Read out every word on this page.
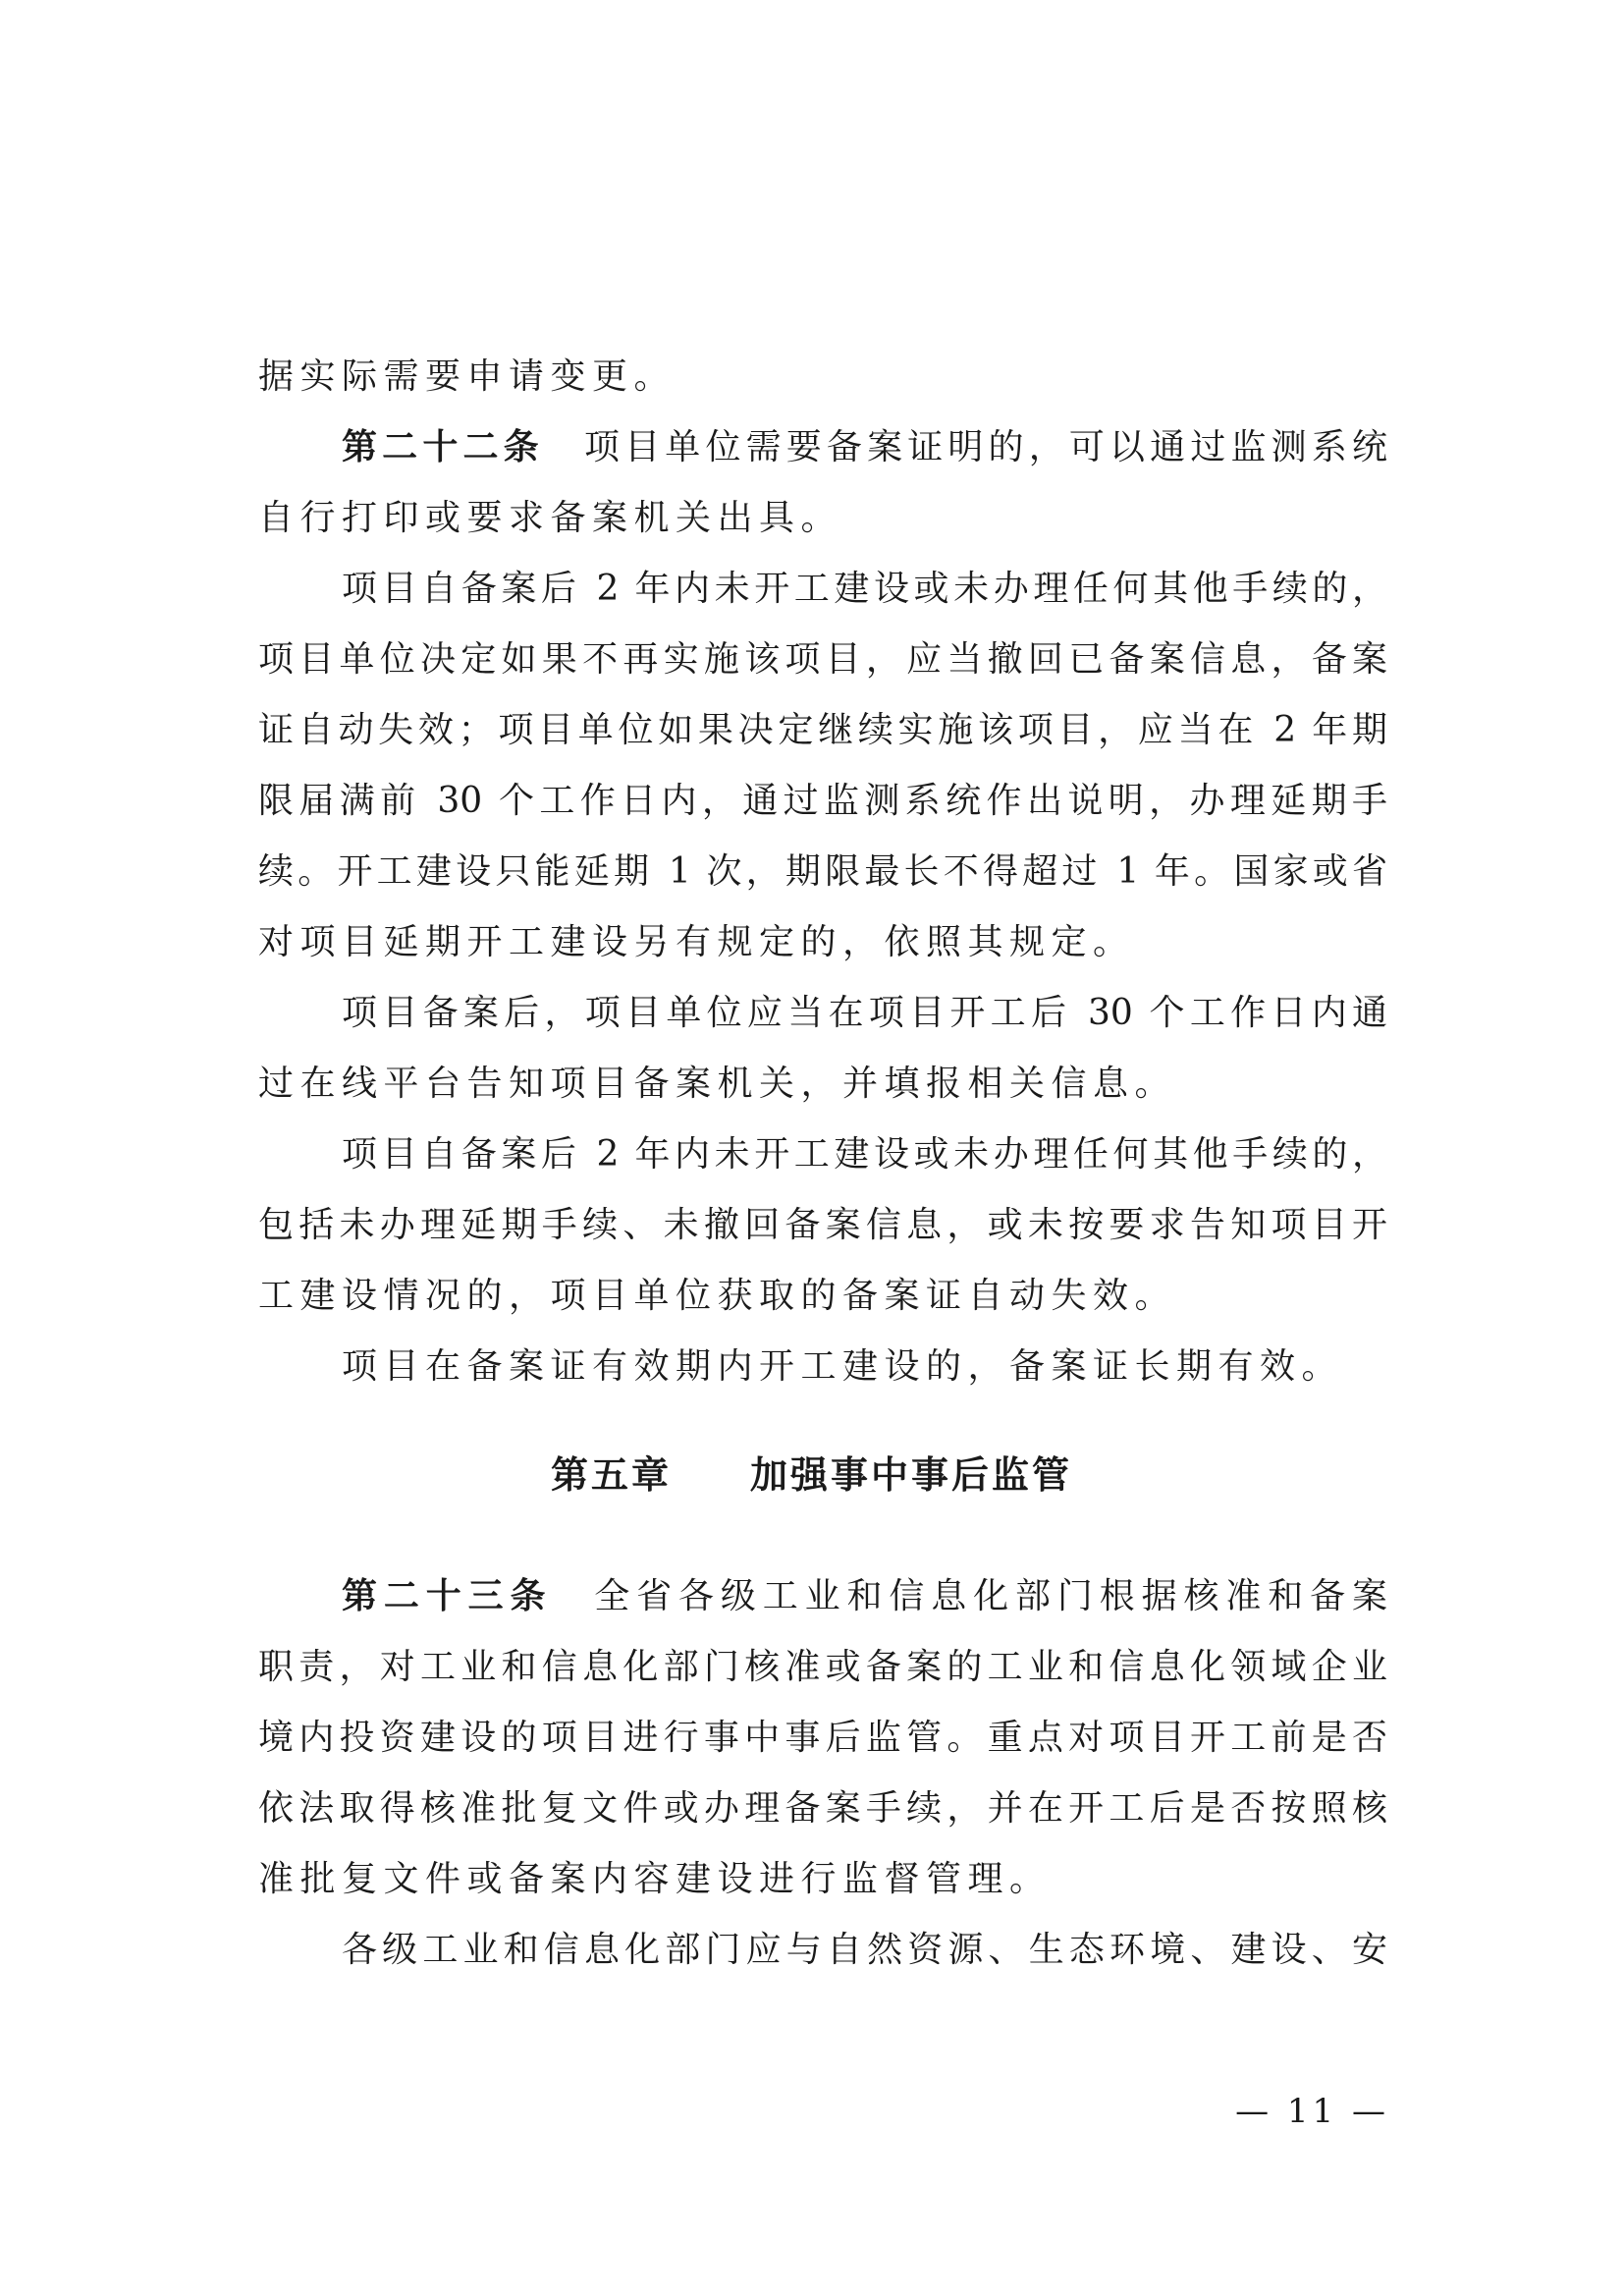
据实际需要申请变更。
第二十二条　 项目单位需要备案证明的，可以通过监测系统
自行打印或要求备案机关出具。
项目自备案后 2 年内未开工建设或未办理任何其他手续的，
项目单位决定如果不再实施该项目，应当撤回已备案信息，备案
证自动失效；项目单位如果决定继续实施该项目，应当在 2 年期
限届满前 30 个工作日内，通过监测系统作出说明，办理延期手
续。开工建设只能延期 1 次，期限最长不得超过 1 年。国家或省
对项目延期开工建设另有规定的，依照其规定。
项目备案后，项目单位应当在项目开工后 30 个工作日内通
过在线平台告知项目备案机关，并填报相关信息。
项目自备案后 2 年内未开工建设或未办理任何其他手续的，
包括未办理延期手续、未撤回备案信息，或未按要求告知项目开
工建设情况的，项目单位获取的备案证自动失效。
项目在备案证有效期内开工建设的，备案证长期有效。
第五章 加强事中事后监管
第二十三条　 全省各级工业和信息化部门根据核准和备案
职责，对工业和信息化部门核准或备案的工业和信息化领域企业
境内投资建设的项目进行事中事后监管。重点对项目开工前是否
依法取得核准批复文件或办理备案手续，并在开工后是否按照核
准批复文件或备案内容建设进行监督管理。
各级工业和信息化部门应与自然资源、生态环境、建设、安
— 11 —
